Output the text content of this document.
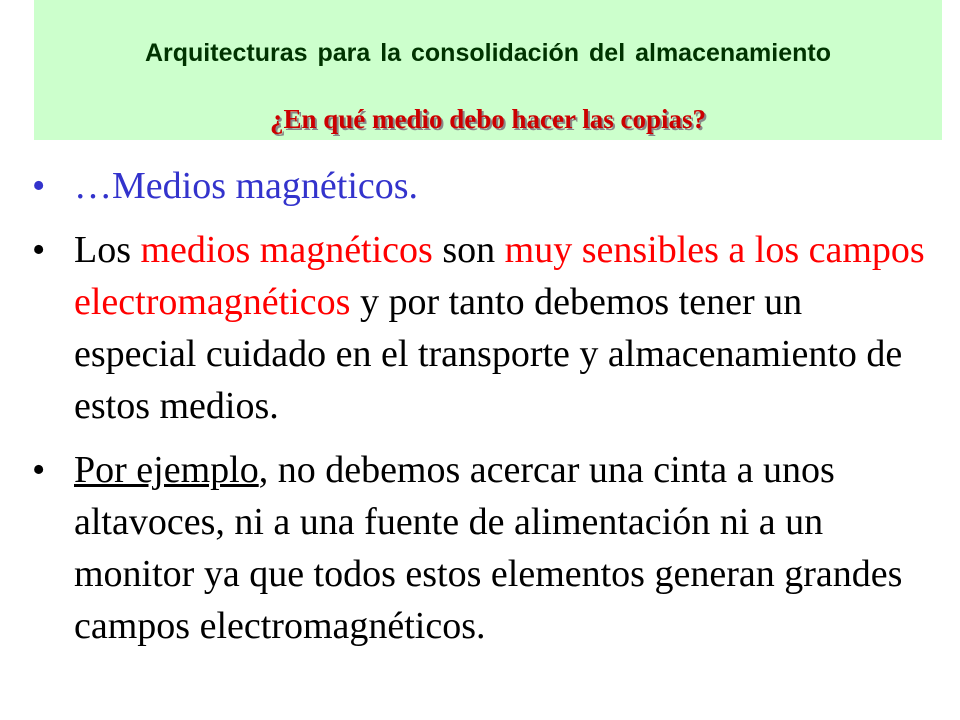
Arquitecturas para la consolidación del almacenamiento
¿En qué medio debo hacer las copias?
• …Medios magnéticos.
• Los medios magnéticos son muy sensibles a los campos electromagnéticos y por tanto debemos tener un especial cuidado en el transporte y almacenamiento de estos medios.
• Por ejemplo, no debemos acercar una cinta a unos altavoces, ni a una fuente de alimentación ni a un monitor ya que todos estos elementos generan grandes campos electromagnéticos.
